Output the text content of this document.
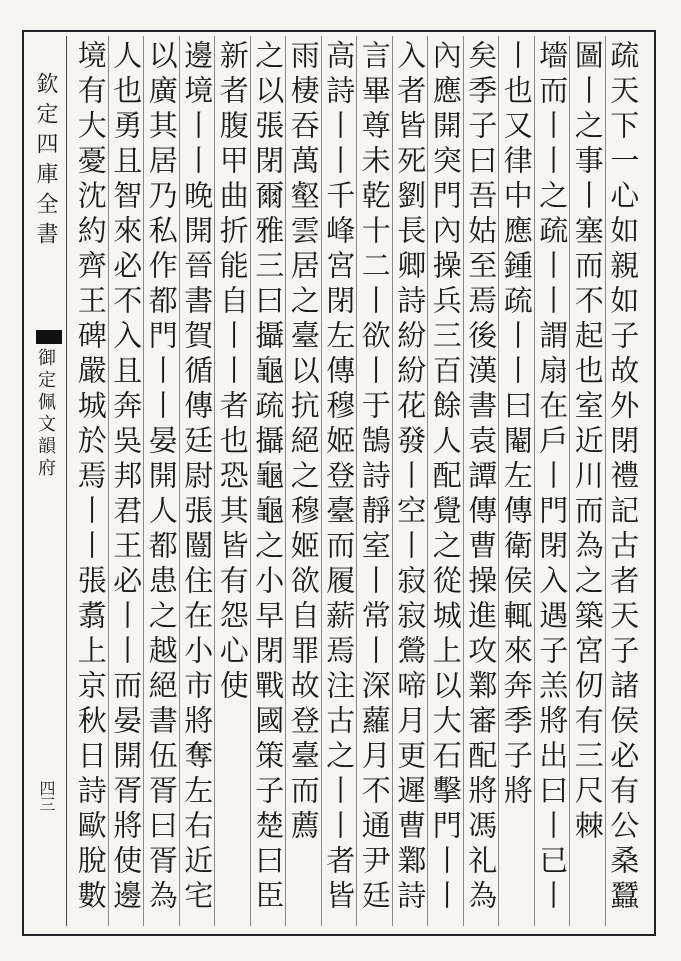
欽定四庫全書
御定佩文韻府
四三	疏天下一心如親如子故外閉禮記古者天子諸侯必有公桑蠶
圖丨之事丨塞而不起也室近川而為之築宮仞有三尺棘
墻而丨丨之疏丨丨謂扇在戶丨門閉入遇子羔將出曰丨已丨
丨也又律中應鍾疏丨丨曰閹左傳衛侯輒來奔季子將
矣季子曰吾姑至焉後漢書袁譚傳曹操進攻鄴審配將馮礼為
內應開突門內操兵三百餘人配覺之從城上以大石擊門丨丨
入者皆死劉長卿詩紛紛花發丨空丨寂寂鶯啼月更遲曹鄴詩
言畢尊未乾十二丨欲丨于鵠詩靜室丨常丨深蘿月不通尹廷
高詩丨丨千峰宮閉左傳穆姬登臺而履薪焉注古之丨丨者皆
雨棲吞萬壑雲居之臺以抗絕之穆姬欲自罪故登臺而薦
之以張閉爾雅三曰攝龜疏攝龜龜之小早閉戰國策子楚曰臣
新者腹甲曲折能自丨丨者也恐其皆有怨心使
邊境丨丨晚開晉書賀循傳廷尉張闓住在小市將奪左右近宅
以廣其居乃私作都門丨丨晏開人都患之越絕書伍胥曰胥為
人也勇且智來必不入且奔吳邦君王必丨丨而晏開胥將使邊
境有大憂沈約齊王碑嚴城於焉丨丨張翥上京秋日詩歐脫數
